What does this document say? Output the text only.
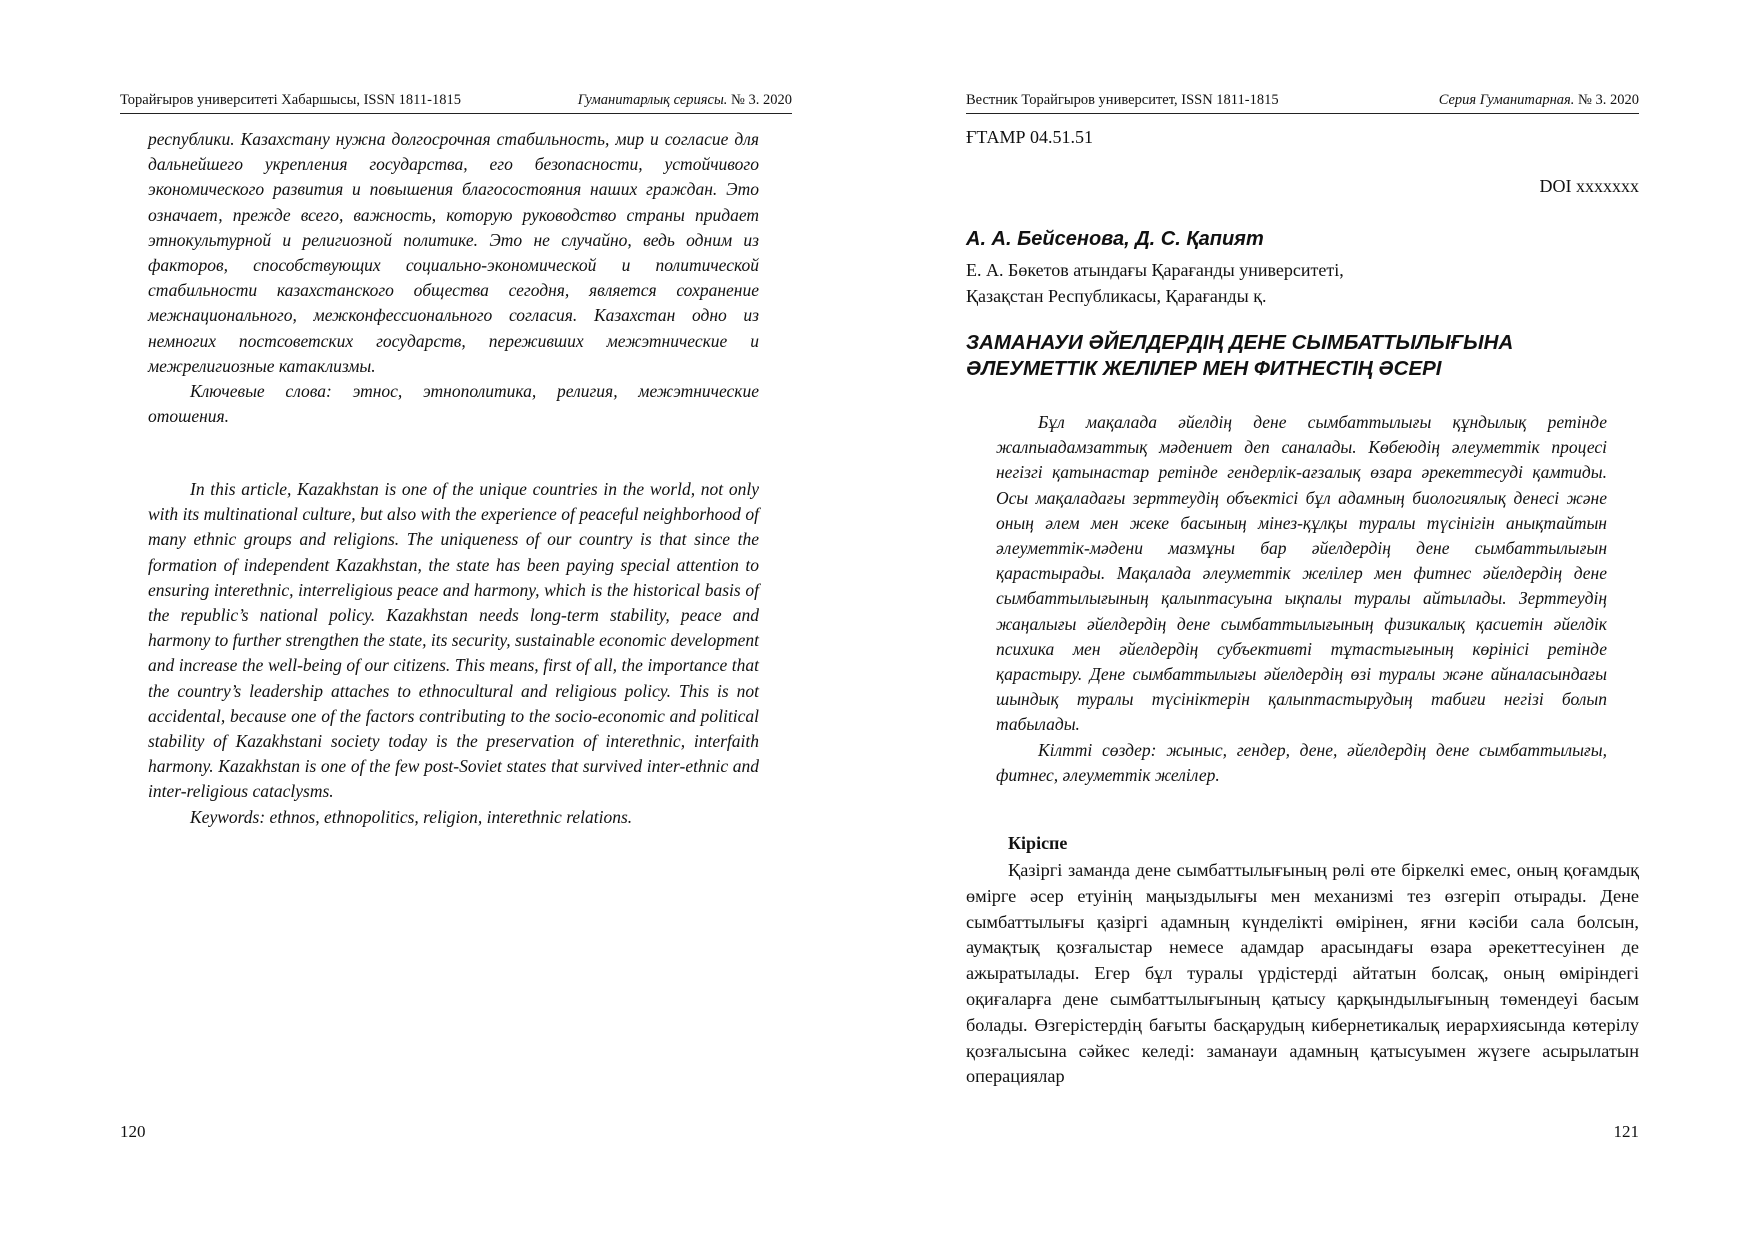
Торайғыров университеті Хабаршысы, ISSN 1811-1815	Гуманитарлық сериясы. № 3. 2020

республики. Казахстану нужна долгосрочная стабильность, мир и согласие для дальнейшего укрепления государства, его безопасности, устойчивого экономического развития и повышения благосостояния наших граждан. Это означает, прежде всего, важность, которую руководство страны придает этнокультурной и религиозной политике. Это не случайно, ведь одним из факторов, способствующих социально-экономической и политической стабильности казахстанского общества сегодня, является сохранение межнационального, межконфессионального согласия. Казахстан одно из немногих постсоветских государств, переживших межэтнические и межрелигиозные катаклизмы.

Ключевые слова: этнос, этнополитика, религия, межэтнические отошения.

In this article, Kazakhstan is one of the unique countries in the world, not only with its multinational culture, but also with the experience of peaceful neighborhood of many ethnic groups and religions. The uniqueness of our country is that since the formation of independent Kazakhstan, the state has been paying special attention to ensuring interethnic, interreligious peace and harmony, which is the historical basis of the republic’s national policy. Kazakhstan needs long-term stability, peace and harmony to further strengthen the state, its security, sustainable economic development and increase the well-being of our citizens. This means, first of all, the importance that the country’s leadership attaches to ethnocultural and religious policy. This is not accidental, because one of the factors contributing to the socio-economic and political stability of Kazakhstani society today is the preservation of interethnic, interfaith harmony. Kazakhstan is one of the few post-Soviet states that survived inter-ethnic and inter-religious cataclysms.

Keywords: ethnos, ethnopolitics, religion, interethnic relations.

120
Вестник Торайгыров университет, ISSN 1811-1815	Серия Гуманитарная. № 3. 2020
ҒТАМР 04.51.51
DOI xxxxxxx
А. А. Бейсенова, Д. С. Қапият
Е. А. Бөкетов атындағы Қарағанды университеті,
Қазақстан Республикасы, Қарағанды қ.
ЗАМАНАУИ ӘЙЕЛДЕРДІҢ ДЕНЕ СЫМБАТТЫЛЫҒЫНА
ӘЛЕУМЕТТІК ЖЕЛІЛЕР МЕН ФИТНЕСТІҢ ӘСЕРІ

Бұл мақалада әйелдің дене сымбаттылығы құндылық ретінде жалпыадамзаттық мәдениет деп саналады. Көбеюдің әлеуметтік процесі негізгі қатынастар ретінде гендерлік-ағзалық өзара әрекеттесуді қамтиды. Осы мақаладағы зерттеудің объектісі бұл адамның биологиялық денесі және оның әлем мен жеке басының мінез-құлқы туралы түсінігін анықтайтын әлеуметтік-мәдени мазмұны бар әйелдердің дене сымбаттылығын қарастырады. Мақалада әлеуметтік желілер мен фитнес әйелдердің дене сымбаттылығының қалыптасуына ықпалы туралы айтылады. Зерттеудің жаңалығы әйелдердің дене сымбаттылығының физикалық қасиетін әйелдік психика мен әйелдердің субъективті тұтастығының көрінісі ретінде қарастыру. Дене сымбаттылығы әйелдердің өзі туралы және айналасындағы шындық туралы түсініктерін қалыптастырудың табиғи негізі болып табылады.

Кілтті сөздер: жыныс, гендер, дене, әйелдердің дене сымбаттылығы, фитнес, әлеуметтік желілер.

Кіріспе

Қазіргі заманда дене сымбаттылығының рөлі өте біркелкі емес, оның қоғамдық өмірге әсер етуінің маңыздылығы мен механизмі тез өзгеріп отырады. Дене сымбаттылығы қазіргі адамның күнделікті өмірінен, яғни кәсіби сала болсын, аумақтық қозғалыстар немесе адамдар арасындағы өзара әрекеттесуінен де ажыратылады. Егер бұл туралы үрдістерді айтатын болсақ, оның өміріндегі оқиғаларға дене сымбаттылығының қатысу қарқындылығының төмендеуі басым болады. Өзгерістердің бағыты басқарудың кибернетикалық иерархиясында көтерілу қозғалысына сәйкес келеді: заманауи адамның қатысуымен жүзеге асырылатын операциялар

121
